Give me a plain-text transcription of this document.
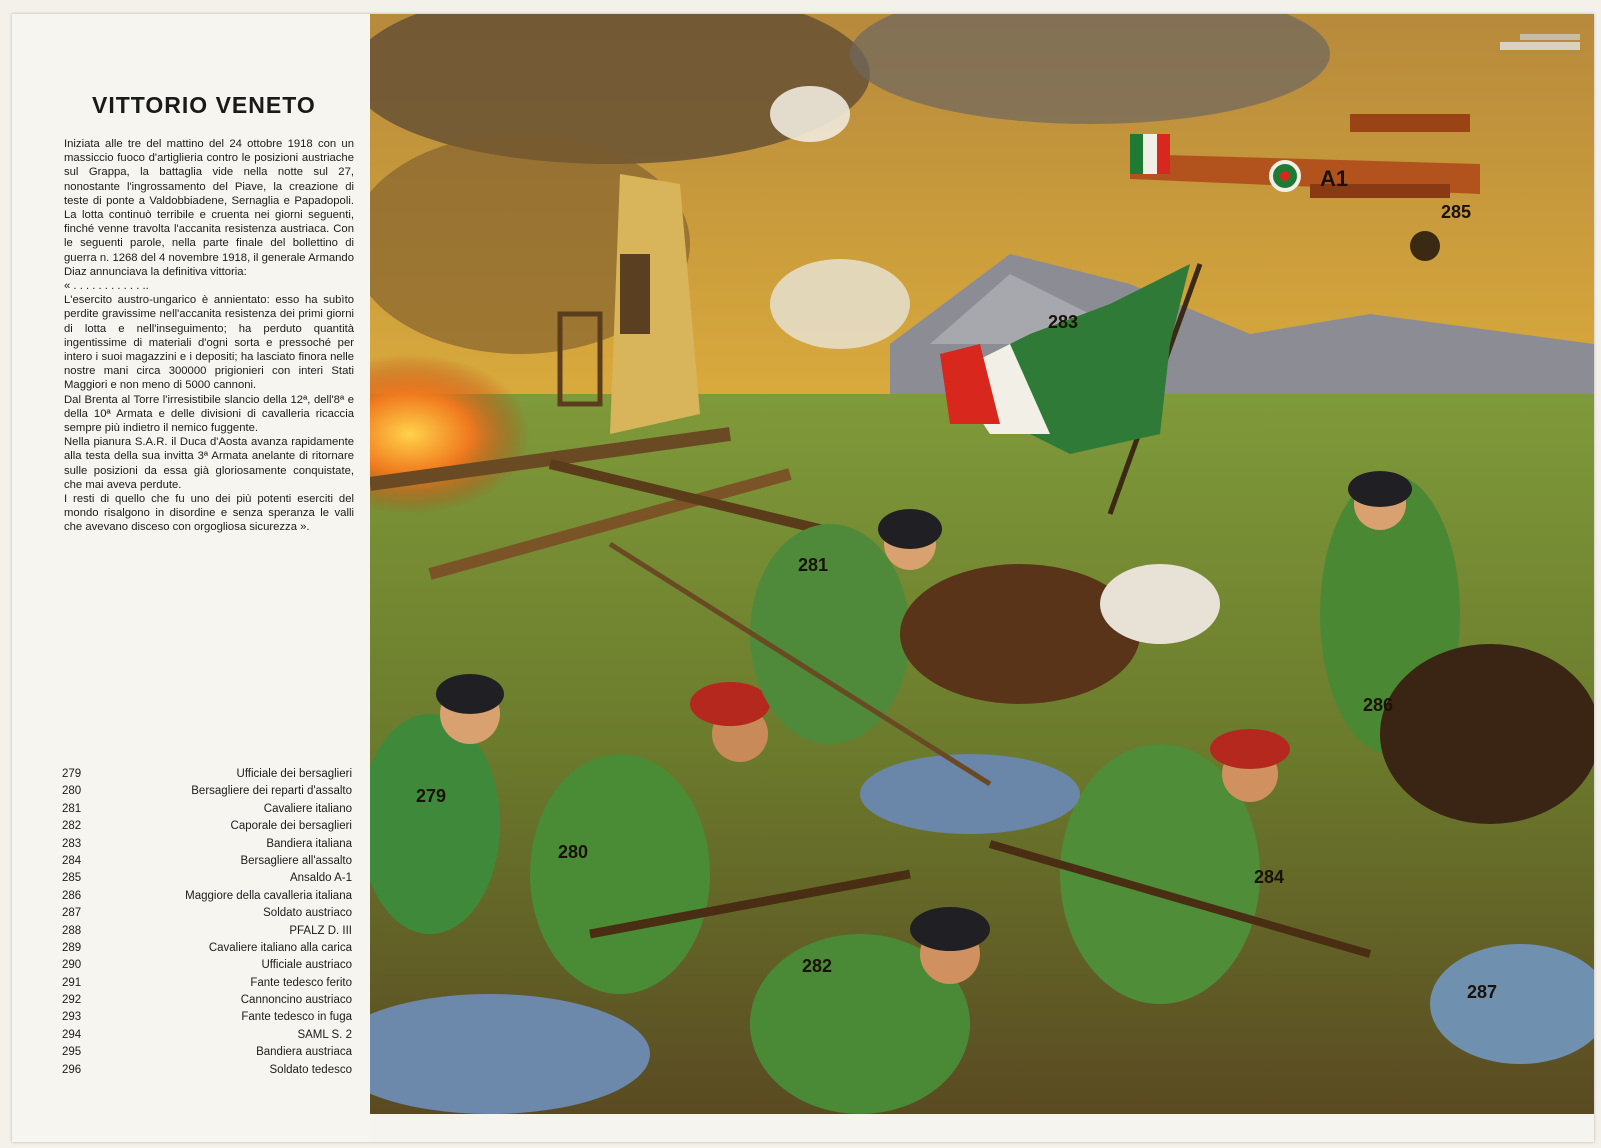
VITTORIO VENETO

Iniziata alle tre del mattino del 24 ottobre 1918 con un massiccio fuoco d'artiglieria contro le posizioni austriache sul Grappa, la battaglia vide nella notte sul 27, nonostante l'ingrossamento del Piave, la creazione di teste di ponte a Valdobbiadene, Sernaglia e Papadopoli. La lotta continuò terribile e cruenta nei giorni seguenti, finché venne travolta l'accanita resistenza austriaca. Con le seguenti parole, nella parte finale del bollettino di guerra n. 1268 del 4 novembre 1918, il generale Armando Diaz annunciava la definitiva vittoria:

« . . . . . . . . . . . ..

L'esercito austro-ungarico è annientato: esso ha subìto perdite gravissime nell'accanita resistenza dei primi giorni di lotta e nell'inseguimento; ha perduto quantità ingentissime di materiali d'ogni sorta e pressoché per intero i suoi magazzini e i depositi; ha lasciato finora nelle nostre mani circa 300000 prigionieri con interi Stati Maggiori e non meno di 5000 cannoni.

Dal Brenta al Torre l'irresistibile slancio della 12ª, dell'8ª e della 10ª Armata e delle divisioni di cavalleria ricaccia sempre più indietro il nemico fuggente.

Nella pianura S.A.R. il Duca d'Aosta avanza rapidamente alla testa della sua invitta 3ª Armata anelante di ritornare sulle posizioni da essa già gloriosamente conquistate, che mai aveva perdute.

I resti di quello che fu uno dei più potenti eserciti del mondo risalgono in disordine e senza speranza le valli che avevano disceso con orgogliosa sicurezza ».

279	Ufficiale dei bersaglieri
280	Bersagliere dei reparti d'assalto
281	Cavaliere italiano
282	Caporale dei bersaglieri
283	Bandiera italiana
284	Bersagliere all'assalto
285	Ansaldo A-1
286	Maggiore della cavalleria italiana
287	Soldato austriaco
288	PFALZ D. III
289	Cavaliere italiano alla carica
290	Ufficiale austriaco
291	Fante tedesco ferito
292	Cannoncino austriaco
293	Fante tedesco in fuga
294	SAML S. 2
295	Bandiera austriaca
296	Soldato tedesco
A1
279
280
281
282
283
284
285
286
287
